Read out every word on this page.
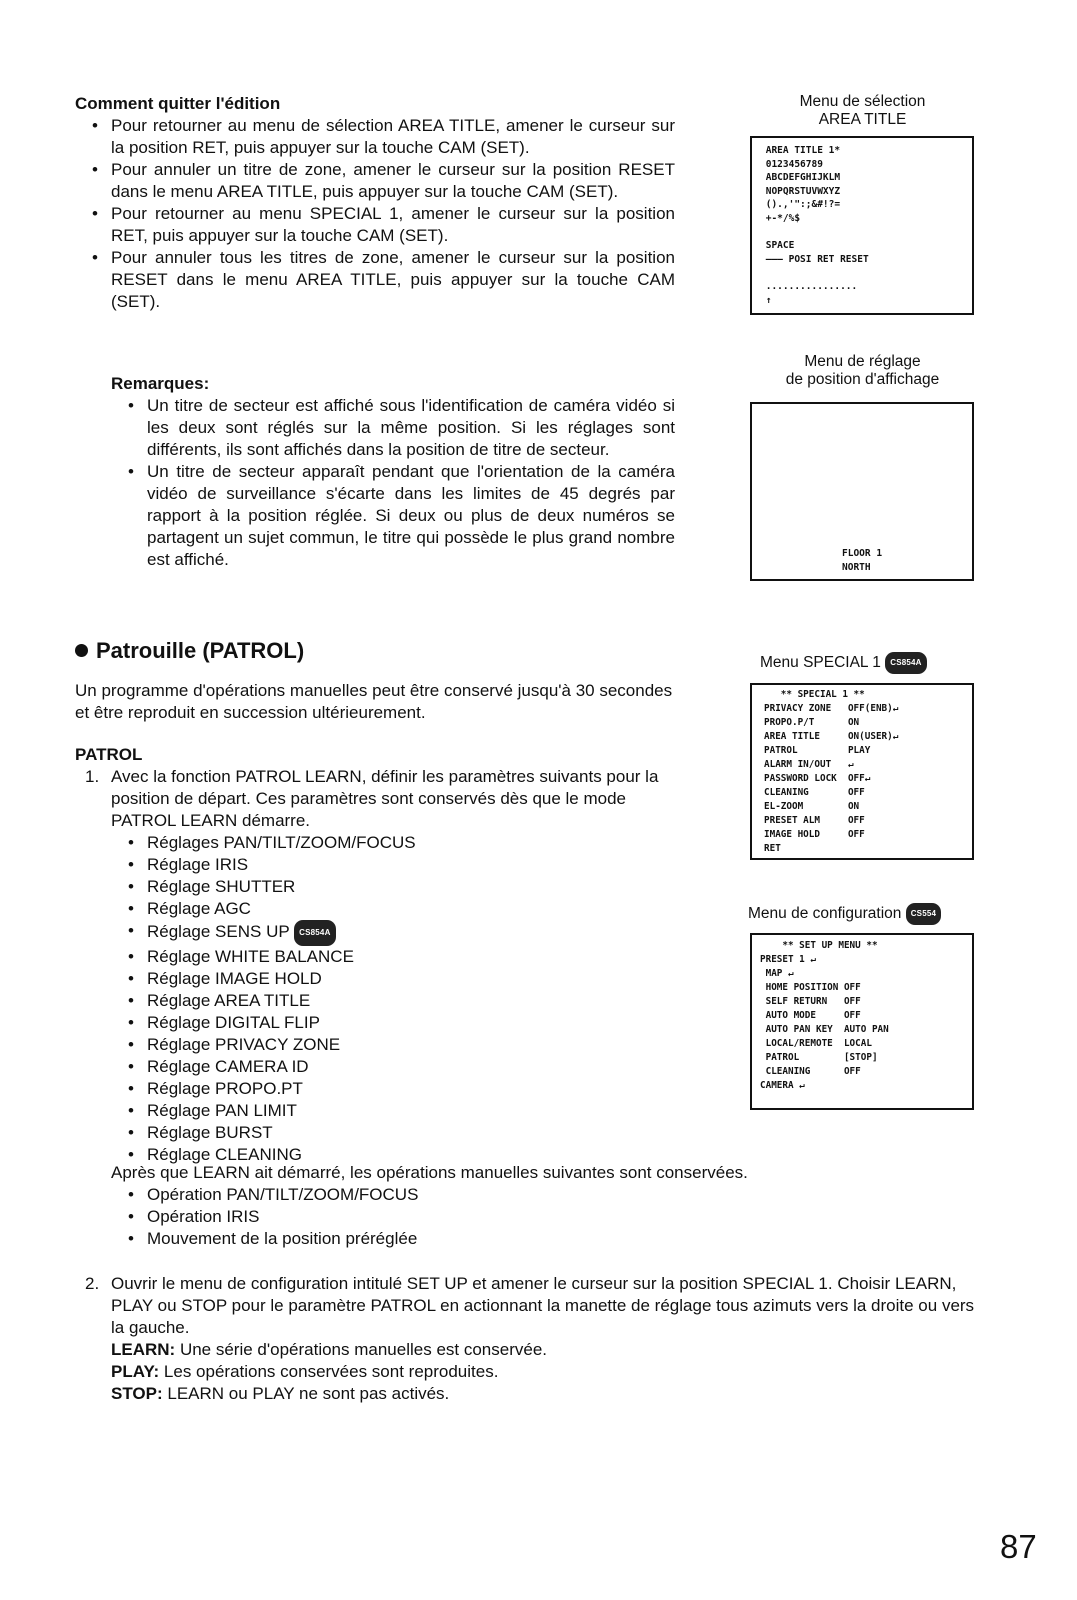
Comment quitter l'édition
• Pour retourner au menu de sélection AREA TITLE, amener le curseur sur la position RET, puis appuyer sur la touche CAM (SET).
• Pour annuler un titre de zone, amener le curseur sur la position RESET dans le menu AREA TITLE, puis appuyer sur la touche CAM (SET).
• Pour retourner au menu SPECIAL 1, amener le curseur sur la position RET, puis appuyer sur la touche CAM (SET).
• Pour annuler tous les titres de zone, amener le curseur sur la position RESET dans le menu AREA TITLE, puis appuyer sur la touche CAM (SET).
Remarques:
• Un titre de secteur est affiché sous l'identification de caméra vidéo si les deux sont réglés sur la même position. Si les réglages sont différents, ils sont affichés dans la position de titre de secteur.
• Un titre de secteur apparaît pendant que l'orientation de la caméra vidéo de surveillance s'écarte dans les limites de 45 degrés par rapport à la position réglée. Si deux ou plus de deux numéros se partagent un sujet commun, le titre qui possède le plus grand nombre est affiché.
Patrouille (PATROL)
Un programme d'opérations manuelles peut être conservé jusqu'à 30 secondes et être reproduit en succession ultérieurement.
PATROL
1. Avec la fonction PATROL LEARN, définir les paramètres suivants pour la position de départ. Ces paramètres sont conservés dès que le mode PATROL LEARN démarre.
• Réglages PAN/TILT/ZOOM/FOCUS
• Réglage IRIS
• Réglage SHUTTER
• Réglage AGC
• Réglage SENS UP CS854A
• Réglage WHITE BALANCE
• Réglage IMAGE HOLD
• Réglage AREA TITLE
• Réglage DIGITAL FLIP
• Réglage PRIVACY ZONE
• Réglage CAMERA ID
• Réglage PROPO.PT
• Réglage PAN LIMIT
• Réglage BURST
• Réglage CLEANING
Après que LEARN ait démarré, les opérations manuelles suivantes sont conservées.
• Opération PAN/TILT/ZOOM/FOCUS
• Opération IRIS
• Mouvement de la position préréglée
2. Ouvrir le menu de configuration intitulé SET UP et amener le curseur sur la position SPECIAL 1. Choisir LEARN, PLAY ou STOP pour le paramètre PATROL en actionnant la manette de réglage tous azimuts vers la droite ou vers la gauche.
LEARN: Une série d'opérations manuelles est conservée.
PLAY: Les opérations conservées sont reproduites.
STOP: LEARN ou PLAY ne sont pas activés.
Menu de sélection
AREA TITLE
AREA TITLE 1*
0123456789
ABCDEFGHIJKLM
NOPQRSTUVWXYZ
().,'":;&#!?=
+-*/%$

SPACE
——— POSI RET RESET

................
↑
Menu de réglage
de position d'affichage
FLOOR 1
NORTH
Menu SPECIAL 1 CS854A
** SPECIAL 1 **
PRIVACY ZONE   OFF(ENB)↵
PROPO.P/T      ON
AREA TITLE     ON(USER)↵
PATROL         PLAY
ALARM IN/OUT   ↵
PASSWORD LOCK  OFF↵
CLEANING       OFF
EL-ZOOM        ON
PRESET ALM     OFF
IMAGE HOLD     OFF
RET
Menu de configuration CS554
** SET UP MENU **
PRESET 1 ↵
MAP ↵
HOME POSITION OFF
SELF RETURN   OFF
AUTO MODE     OFF
AUTO PAN KEY  AUTO PAN
LOCAL/REMOTE  LOCAL
PATROL        [STOP]
CLEANING      OFF
CAMERA ↵
87
